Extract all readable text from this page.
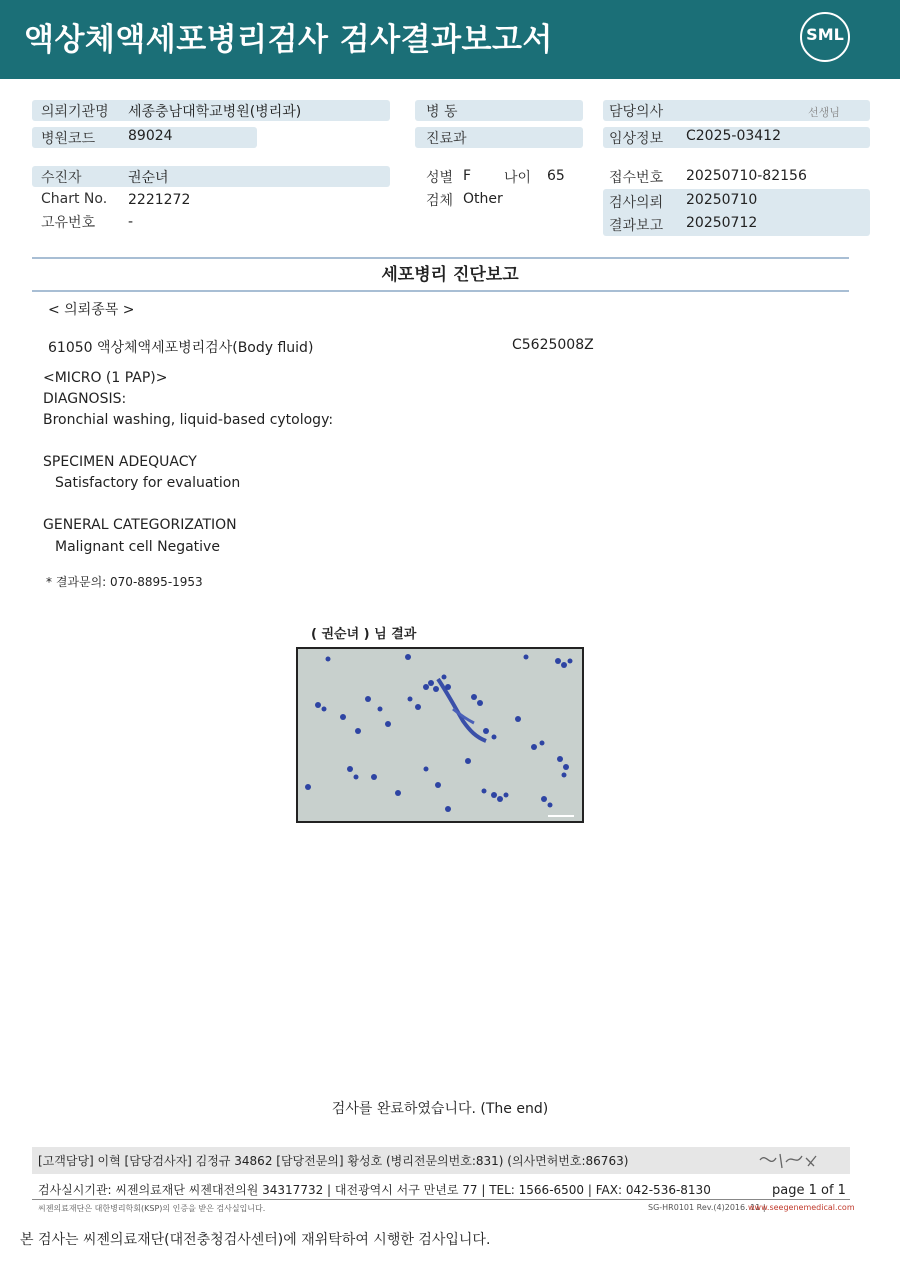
액상체액세포병리검사 검사결과보고서	SML
의뢰기관명 세종충남대학교병원(병리과)
병원코드 89024
수진자	권순녀
Chart No. 2221272
고유번호 -
병 동
진료과
성별 F 나이 65
검체 Other
담당의사	선생님
임상정보 C2025-03412
접수번호 20250710-82156
검사의뢰 20250710
결과보고 20250712
세포병리 진단보고
< 의뢰종목 >
61050 액상체액세포병리검사(Body fluid)	C5625008Z
<MICRO (1 PAP)>
DIAGNOSIS:
Bronchial washing, liquid-based cytology:
SPECIMEN ADEQUACY
Satisfactory for evaluation
GENERAL CATEGORIZATION
Malignant cell Negative
* 결과문의: 070-8895-1953
( 권순녀 ) 님 결과
검사를 완료하였습니다. (The end)
[고객담당] 이혁 [담당검사자] 김정규 34862 [담당전문의] 황성호 (병리전문의번호:831) (의사면허번호:86763)
검사실시기관: 씨젠의료재단 씨젠대전의원 34317732 | 대전광역시 서구 만년로 77 | TEL: 1566-6500 | FAX: 042-536-8130	page 1 of 1
씨젠의료재단은 대한병리학회(KSP)의 인증을 받은 검사실입니다.	SG-HR0101 Rev.(4)2016. 11 |
www.seegenemedical.com
본 검사는 씨젠의료재단(대전충청검사센터)에 재위탁하여 시행한 검사입니다.
